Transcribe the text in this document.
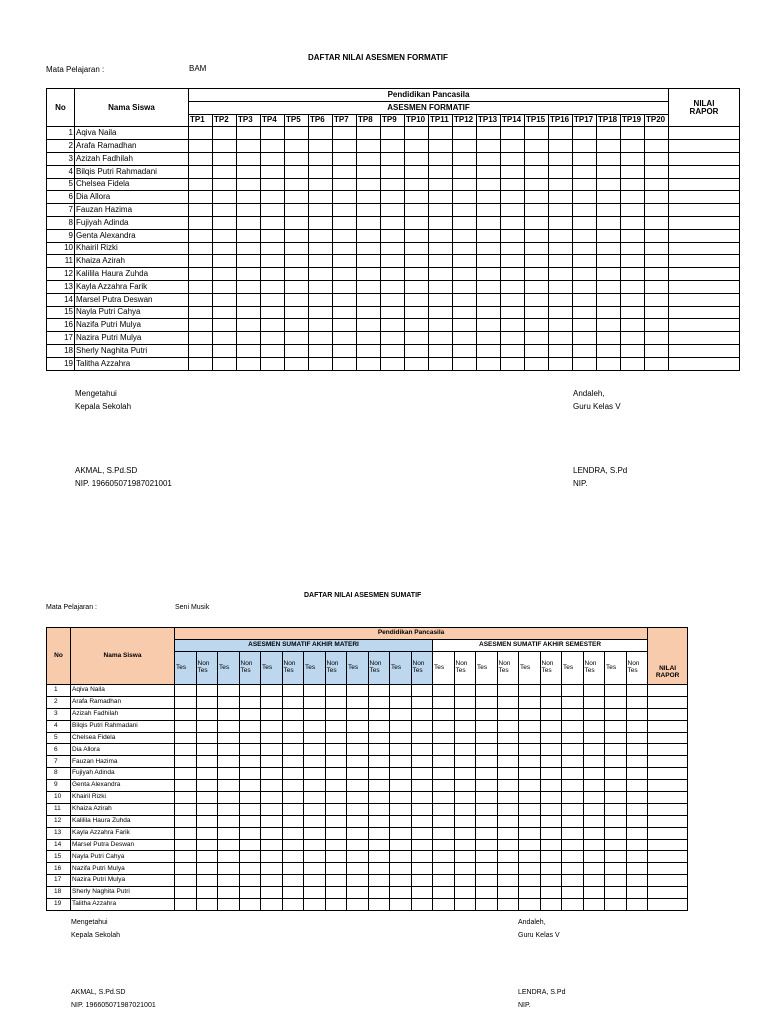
DAFTAR NILAI ASESMEN FORMATIF
Mata Pelajaran :	BAM
No	Nama Siswa	Pendidikan Pancasila																				NILAI
RAPOR
		ASESMEN FORMATIF																				
		TP1	TP2	TP3	TP4	TP5	TP6	TP7	TP8	TP9	TP10	TP11	TP12	TP13	TP14	TP15	TP16	TP17	TP18	TP19	TP20	
1	Aqiva Naila																					
2	Arafa Ramadhan																					
3	Azizah Fadhilah																					
4	Bilqis Putri Rahmadani																					
5	Chelsea Fidela																					
6	Dia Allora																					
7	Fauzan Hazima																					
8	Fujiyah Adinda																					
9	Genta Alexandra																					
10	Khairil Rizki																					
11	Khaiza Azirah																					
12	Kalilila Haura Zuhda																					
13	Kayla Azzahra Farik																					
14	Marsel Putra Deswan																					
15	Nayla Putri Cahya																					
16	Nazifa Putri Mulya																					
17	Nazira Putri Mulya																					
18	Sherly Naghita Putri																					
19	Talitha Azzahra																					
Mengetahui
Kepala Sekolah
AKMAL, S.Pd.SD
NIP. 196605071987021001
Andaleh,
Guru Kelas V
LENDRA, S.Pd
NIP.
DAFTAR NILAI ASESMEN SUMATIF
Mata Pelajaran :	Seni Musik
No	Nama Siswa	Pendidikan Pancasila																						NILAI
RAPOR
		ASESMEN SUMATIF AKHIR MATERI												ASESMEN SUMATIF AKHIR SEMESTER										
		Tes	Non Tes	Tes	Non Tes	Tes	Non Tes	Tes	Non Tes	Tes	Non Tes	Tes	Non Tes	Tes	Non Tes	Tes	Non Tes	Tes	Non Tes	Tes	Non Tes	Tes	Non Tes	
1	Aqiva Naila																							
2	Arafa Ramadhan																							
3	Azizah Fadhilah																							
4	Bilqis Putri Rahmadani																							
5	Chelsea Fidela																							
6	Dia Allora																							
7	Fauzan Hazima																							
8	Fujiyah Adinda																							
9	Genta Alexandra																							
10	Khairil Rizki																							
11	Khaiza Azirah																							
12	Kalilila Haura Zuhda																							
13	Kayla Azzahra Farik																							
14	Marsel Putra Deswan																							
15	Nayla Putri Cahya																							
16	Nazifa Putri Mulya																							
17	Nazira Putri Mulya																							
18	Sherly Naghita Putri																							
19	Talitha Azzahra																							
Mengetahui
Kepala Sekolah
AKMAL, S.Pd.SD
NIP. 196605071987021001
Andaleh,
Guru Kelas V
LENDRA, S.Pd
NIP.
